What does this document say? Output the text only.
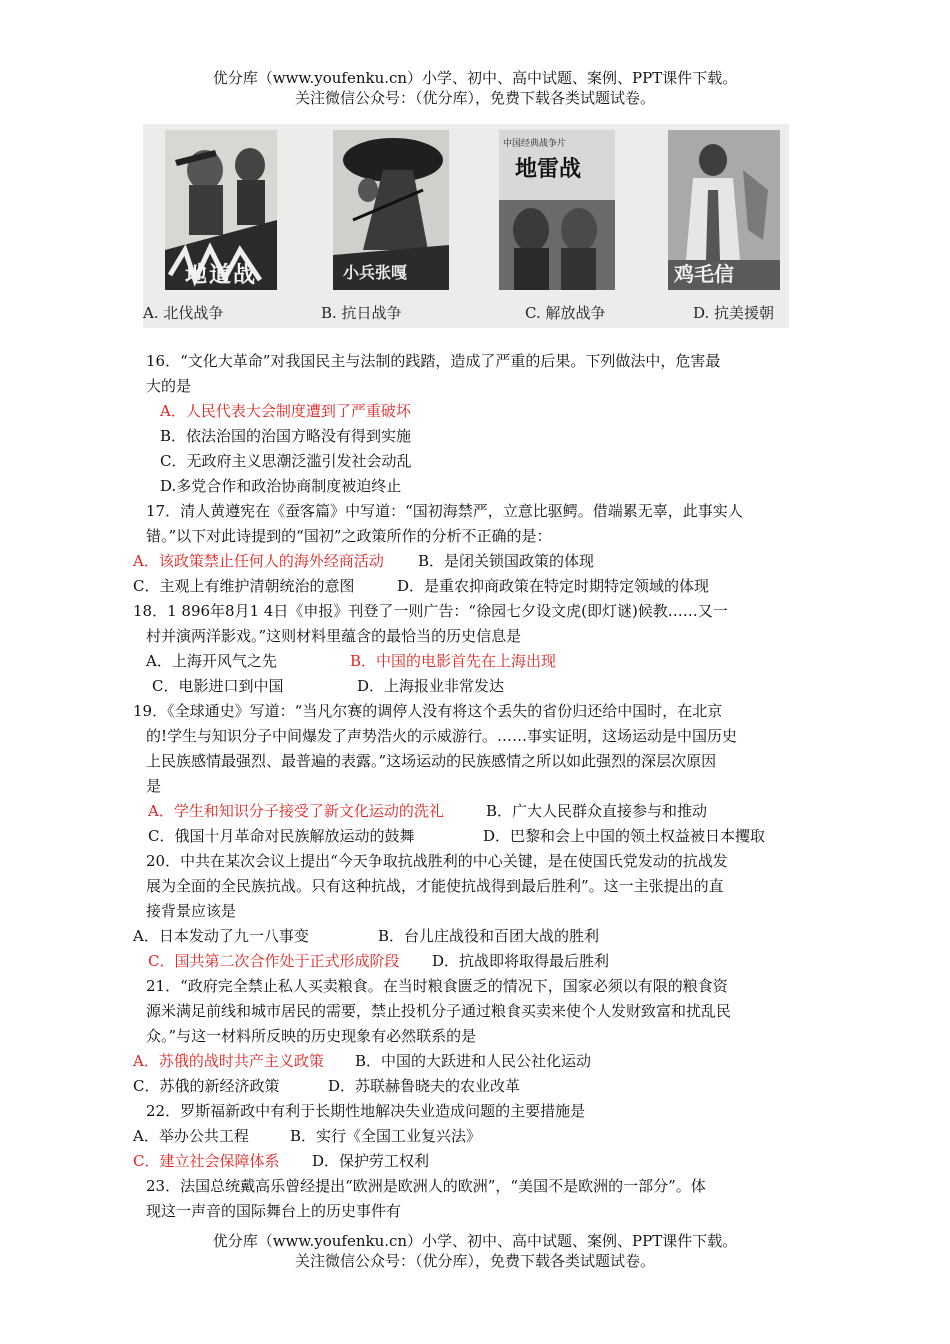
优分库（www.youfenku.cn）小学、初中、高中试题、案例、PPT课件下载。
关注微信公众号：（优分库），免费下载各类试题试卷。
地道战	小兵张嘎
中国经典战争片
地雷战
鸡毛信
A. 北伐战争	B. 抗日战争	C. 解放战争	D. 抗美援朝
16．“文化大革命”对我国民主与法制的践踏，造成了严重的后果。下列做法中，危害最
大的是
A．人民代表大会制度遭到了严重破坏
B．依法治国的治国方略没有得到实施
C．无政府主义思潮泛滥引发社会动乱
D.多党合作和政治协商制度被迫终止
17．清人黄遵宪在《蚕客篇》中写道：“国初海禁严，立意比驱鳄。借端累无辜，此事实人
错。”以下对此诗提到的“国初”之政策所作的分析不正确的是：
A．该政策禁止任何人的海外经商活动 B．是闭关锁国政策的体现
C．主观上有维护清朝统治的意图	D．是重农抑商政策在特定时期特定领域的体现
18．1 896年8月1 4日《申报》刊登了一则广告：“徐园七夕设文虎(即灯谜)候教……又一
村并演两洋影戏。”这则材料里蕴含的最恰当的历史信息是
A．上海开风气之先	B．中国的电影首先在上海出现
C．电影进口到中国	D．上海报业非常发达
19．《全球通史》写道：“当凡尔赛的调停人没有将这个丢失的省份归还给中国时，在北京
的!学生与知识分子中间爆发了声势浩火的示威游行。……事实证明，这场运动是中国历史
上民族感情最强烈、最普遍的表露。”这场运动的民族感情之所以如此强烈的深层次原因
是
A．学生和知识分子接受了新文化运动的洗礼	B．广大人民群众直接参与和推动
C．俄国十月革命对民族解放运动的鼓舞	D．巴黎和会上中国的领土权益被日本攫取
20．中共在某次会议上提出“今天争取抗战胜利的中心关键，是在使国氏党发动的抗战发
展为全面的全民族抗战。只有这种抗战，才能使抗战得到最后胜利”。这一主张提出的直
接背景应该是
A．日本发动了九一八事变	B．台儿庄战役和百团大战的胜利
C．国共第二次合作处于正式形成阶段 D．抗战即将取得最后胜利
21．“政府完全禁止私人买卖粮食。在当时粮食匮乏的情况下，国家必须以有限的粮食资
源米满足前线和城市居民的需要，禁止投机分子通过粮食买卖来使个人发财致富和扰乱民
众。”与这一材料所反映的历史现象有必然联系的是
A．苏俄的战时共产主义政策 B．中国的大跃进和人民公社化运动
C．苏俄的新经济政策	D．苏联赫鲁晓夫的农业改革
22．罗斯福新政中有利于长期性地解决失业造成问题的主要措施是
A．举办公共工程	B．实行《全国工业复兴法》
C．建立社会保障体系 D．保护劳工权利
23．法国总统戴高乐曾经提出“欧洲是欧洲人的欧洲”，“美国不是欧洲的一部分”。体
现这一声音的国际舞台上的历史事件有
优分库（www.youfenku.cn）小学、初中、高中试题、案例、PPT课件下载。
关注微信公众号：（优分库），免费下载各类试题试卷。
